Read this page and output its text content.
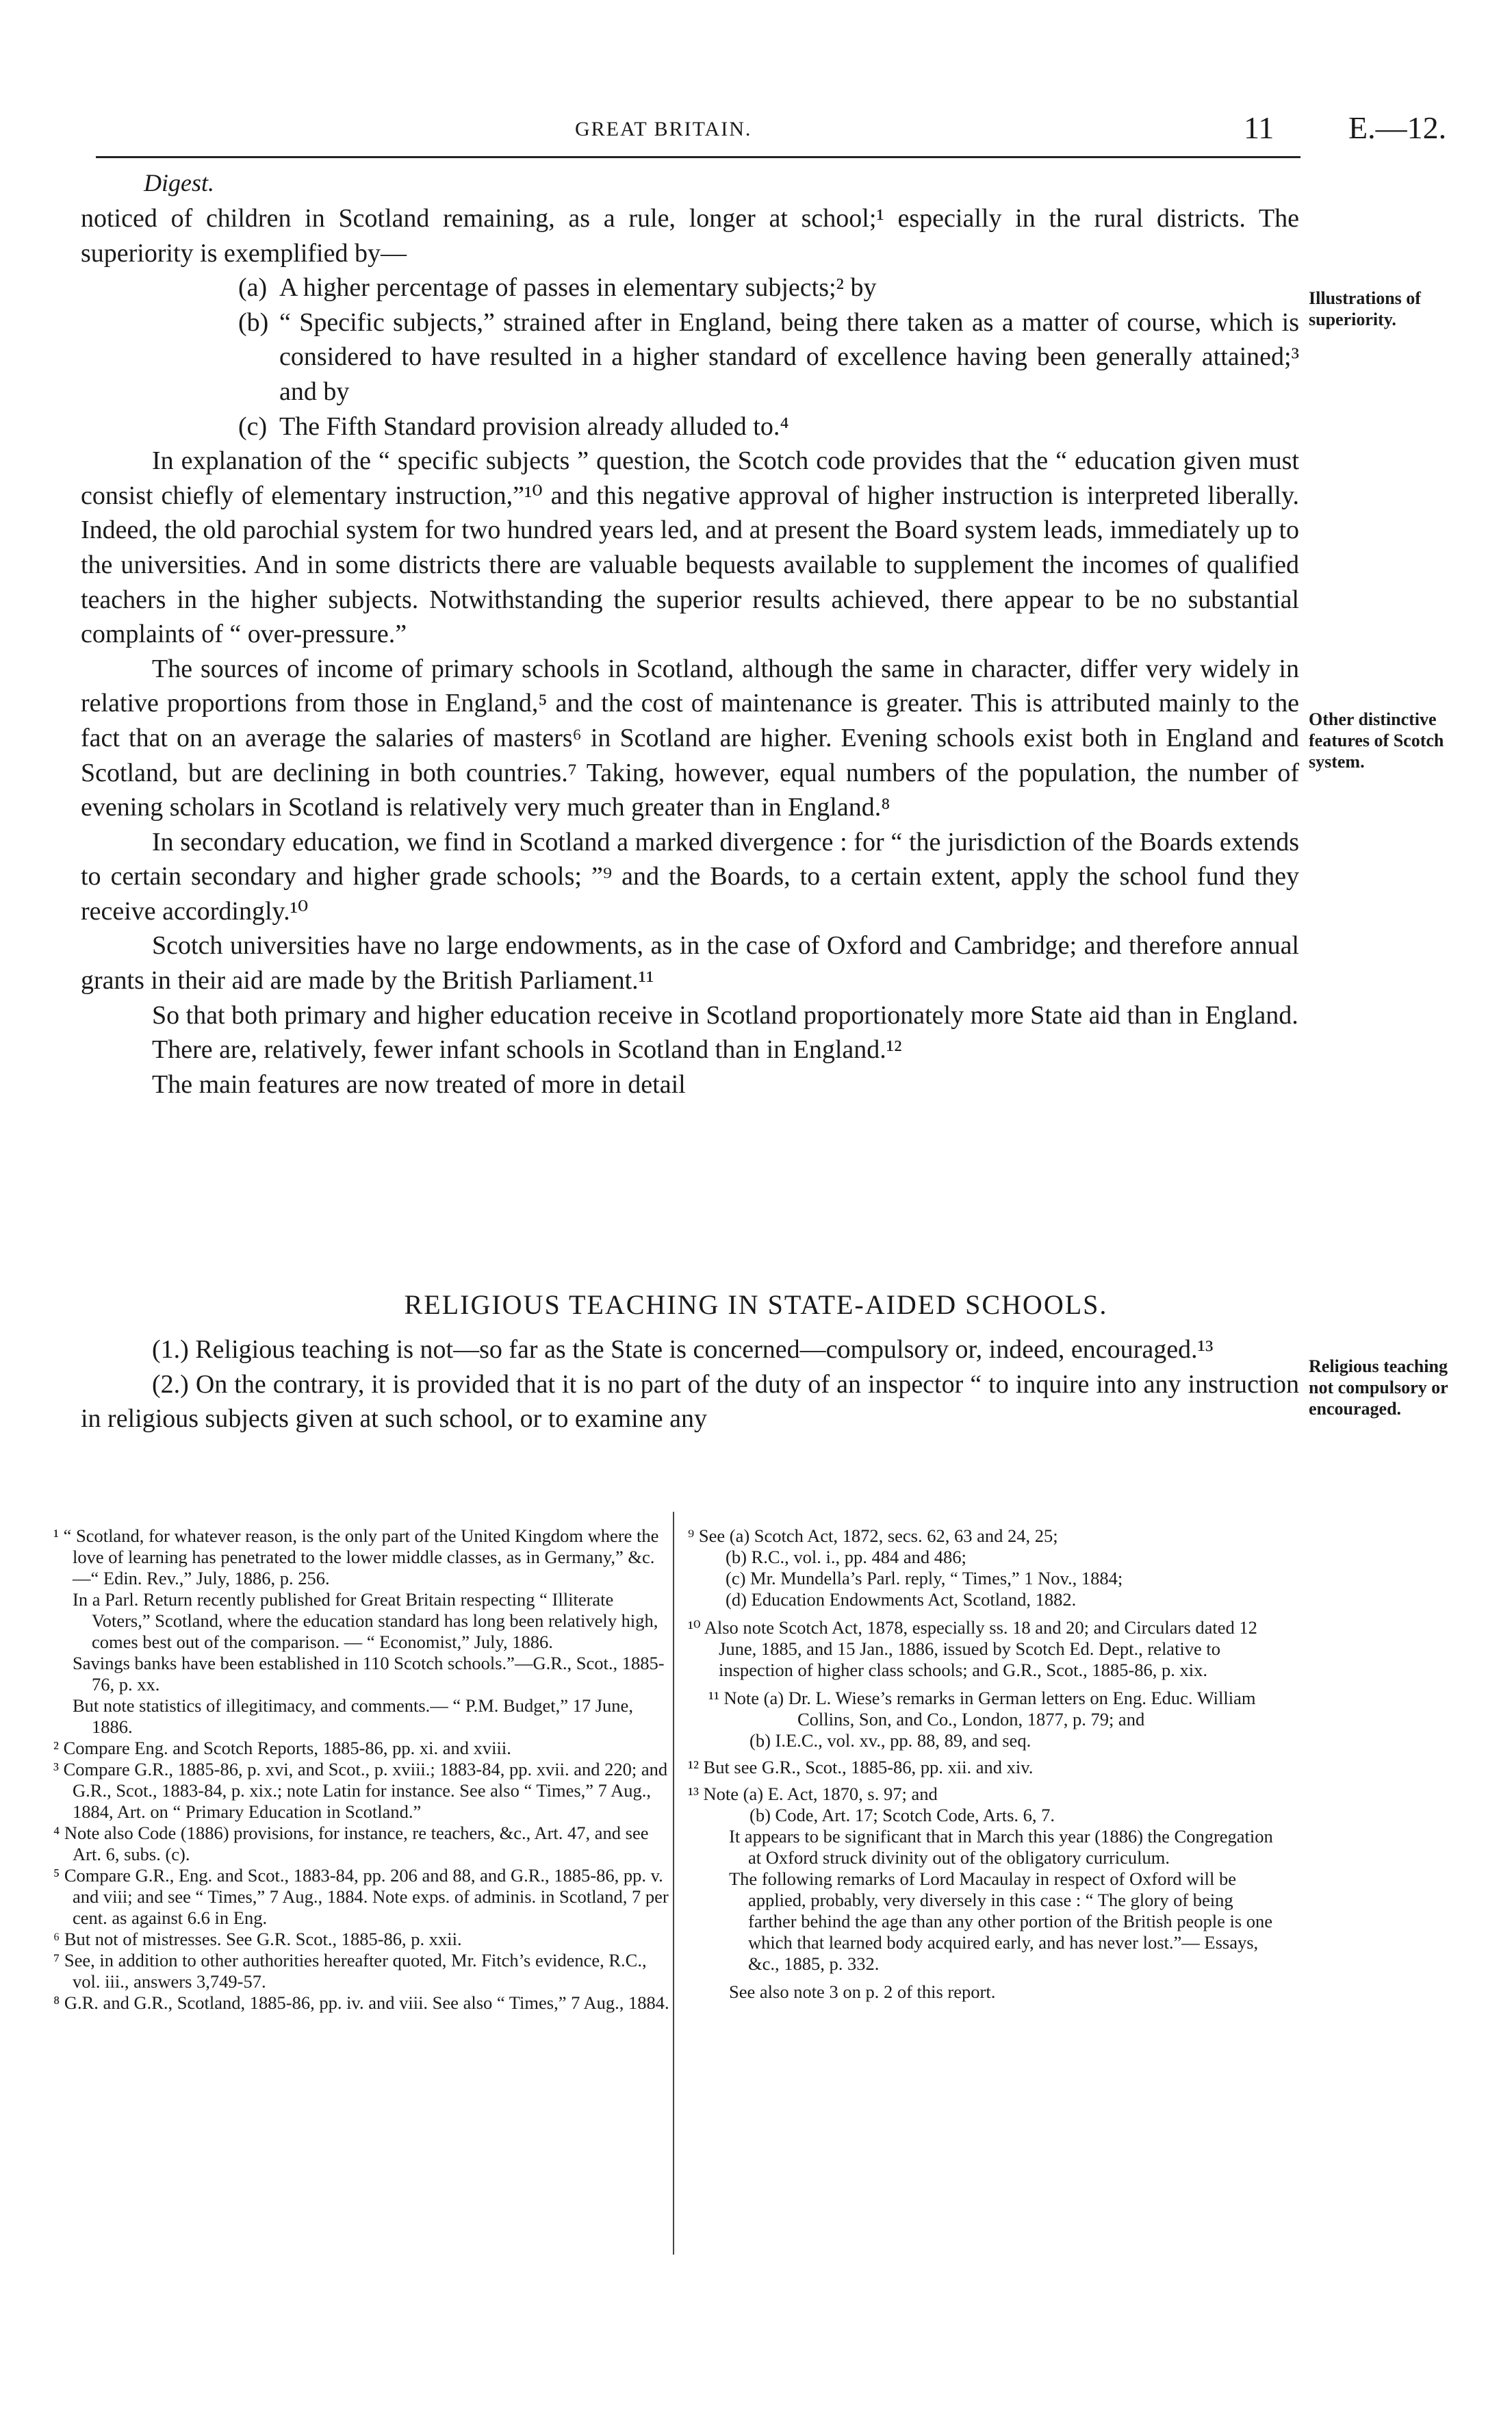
GREAT BRITAIN.	11 E.—12.
Digest.

noticed of children in Scotland remaining, as a rule, longer at school;¹ especially in the rural districts. The superiority is exemplified by—

(a) A higher percentage of passes in elementary subjects;² by

(b) “ Specific subjects,” strained after in England, being there taken as a matter of course, which is considered to have resulted in a higher standard of excellence having been generally attained;³ and by

(c) The Fifth Standard provision already alluded to.⁴

In explanation of the “ specific subjects ” question, the Scotch code provides that the “ education given must consist chiefly of elementary instruction,”¹⁰ and this negative approval of higher instruction is interpreted liberally. Indeed, the old parochial system for two hundred years led, and at present the Board system leads, immediately up to the universities. And in some districts there are valuable bequests available to supplement the incomes of qualified teachers in the higher subjects. Notwithstanding the superior results achieved, there appear to be no substantial complaints of “ over-pressure.”

The sources of income of primary schools in Scotland, although the same in character, differ very widely in relative proportions from those in England,⁵ and the cost of maintenance is greater. This is attributed mainly to the fact that on an average the salaries of masters⁶ in Scotland are higher. Evening schools exist both in England and Scotland, but are declining in both countries.⁷ Taking, however, equal numbers of the population, the number of evening scholars in Scotland is relatively very much greater than in England.⁸

In secondary education, we find in Scotland a marked divergence : for “ the jurisdiction of the Boards extends to certain secondary and higher grade schools; ”⁹ and the Boards, to a certain extent, apply the school fund they receive accordingly.¹⁰

Scotch universities have no large endowments, as in the case of Oxford and Cambridge; and therefore annual grants in their aid are made by the British Parliament.¹¹

So that both primary and higher education receive in Scotland proportionately more State aid than in England.

There are, relatively, fewer infant schools in Scotland than in England.¹²

The main features are now treated of more in detail

Illustrations of superiority.
Other distinctive features of Scotch system.
Religious teaching not compulsory or encouraged.
RELIGIOUS TEACHING IN STATE-AIDED SCHOOLS.

(1.) Religious teaching is not—so far as the State is concerned—compulsory or, indeed, encouraged.¹³

(2.) On the contrary, it is provided that it is no part of the duty of an inspector “ to inquire into any instruction in religious subjects given at such school, or to examine any

¹ “ Scotland, for whatever reason, is the only part of the United Kingdom where the love of learning has penetrated to the lower middle classes, as in Germany,” &c.—“ Edin. Rev.,” July, 1886, p. 256.

In a Parl. Return recently published for Great Britain respecting “ Illiterate Voters,” Scotland, where the education standard has long been relatively high, comes best out of the comparison. — “ Economist,” July, 1886.

Savings banks have been established in 110 Scotch schools.”—G.R., Scot., 1885-76, p. xx.

But note statistics of illegitimacy, and comments.— “ P.M. Budget,” 17 June, 1886.

² Compare Eng. and Scotch Reports, 1885-86, pp. xi. and xviii.

³ Compare G.R., 1885-86, p. xvi, and Scot., p. xviii.; 1883-84, pp. xvii. and 220; and G.R., Scot., 1883-84, p. xix.; note Latin for instance. See also “ Times,” 7 Aug., 1884, Art. on “ Primary Education in Scotland.”

⁴ Note also Code (1886) provisions, for instance, re teachers, &c., Art. 47, and see Art. 6, subs. (c).

⁵ Compare G.R., Eng. and Scot., 1883-84, pp. 206 and 88, and G.R., 1885-86, pp. v. and viii; and see “ Times,” 7 Aug., 1884. Note exps. of adminis. in Scotland, 7 per cent. as against 6.6 in Eng.

⁶ But not of mistresses. See G.R. Scot., 1885-86, p. xxii.

⁷ See, in addition to other authorities hereafter quoted, Mr. Fitch’s evidence, R.C., vol. iii., answers 3,749-57.

⁸ G.R. and G.R., Scotland, 1885-86, pp. iv. and viii. See also “ Times,” 7 Aug., 1884.

⁹ See (a) Scotch Act, 1872, secs. 62, 63 and 24, 25;

(b) R.C., vol. i., pp. 484 and 486;

(c) Mr. Mundella’s Parl. reply, “ Times,” 1 Nov., 1884;

(d) Education Endowments Act, Scotland, 1882.

¹⁰ Also note Scotch Act, 1878, especially ss. 18 and 20; and Circulars dated 12 June, 1885, and 15 Jan., 1886, issued by Scotch Ed. Dept., relative to inspection of higher class schools; and G.R., Scot., 1885-86, p. xix.

¹¹ Note (a) Dr. L. Wiese’s remarks in German letters on Eng. Educ. William Collins, Son, and Co., London, 1877, p. 79; and

(b) I.E.C., vol. xv., pp. 88, 89, and seq.

¹² But see G.R., Scot., 1885-86, pp. xii. and xiv.

¹³ Note (a) E. Act, 1870, s. 97; and

(b) Code, Art. 17; Scotch Code, Arts. 6, 7.

It appears to be significant that in March this year (1886) the Congregation at Oxford struck divinity out of the obligatory curriculum.

The following remarks of Lord Macaulay in respect of Oxford will be applied, probably, very diversely in this case : “ The glory of being farther behind the age than any other portion of the British people is one which that learned body acquired early, and has never lost.”— Essays, &c., 1885, p. 332.

See also note 3 on p. 2 of this report.
